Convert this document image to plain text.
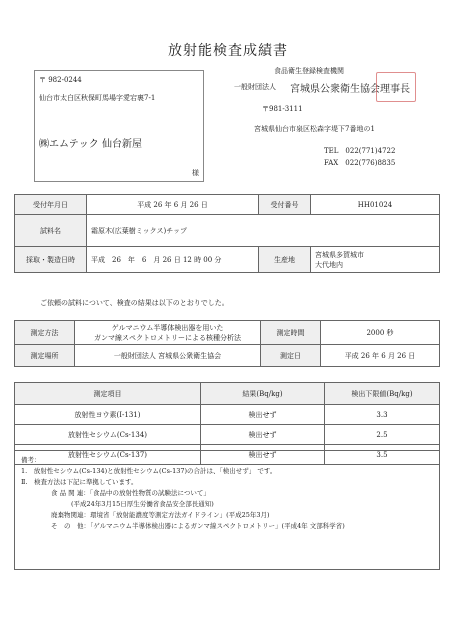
放射能検査成績書
〒 982-0244
仙台市太白区秋保町馬場字愛宕裏7-1
㈱エムテック 仙台新屋
様
食品衛生登録検査機関
一般財団法人 宮城県公衆衛生協会理事長
〒981-3111
宮城県仙台市泉区松森字堤下7番地の1
TEL　022(771)4722
FAX　022(776)8835
受付年月日	平成 26 年 6 月 26 日	受付番号	HH01024
試料名	霜原木(広葉樹ミックス)チップ		
採取・製造日時	平成　26　年　6　月 26 日 12 時 00 分	生産地	宮城県多賀城市
大代地内
ご依頼の試料について、検査の結果は以下のとおりでした。
測定方法	ゲルマニウム半導体検出器を用いた
ガンマ線スペクトロメトリーによる核種分析法	測定時間	2000 秒
測定場所	一般財団法人 宮城県公衆衛生協会	測定日	平成 26 年 6 月 26 日
測定項目	結果(Bq/kg)	検出下限値(Bq/kg)
放射性ヨウ素(I-131)	検出せず	3.3
放射性セシウム(Cs-134)	検出せず	2.5
放射性セシウム(Cs-137)	検出せず	3.5
備考：
1.　放射性セシウム(Cs-134)と放射性セシウム(Cs-137)の合計は、「検出せず」 です。
Ⅱ.　検査方法は下記に準拠しています。
食 品 関 連：「食品中の放射性物質の試験法について」
(平成24年3月15日厚生労働省食品安全部長通知)
廃棄物関連：環境省「放射能濃度等測定方法ガイドライン」(平成25年3月)
そ　の　他：「ゲルマニウム半導体検出器によるガンマ線スペクトロメトリー」(平成4年 文部科学省)
